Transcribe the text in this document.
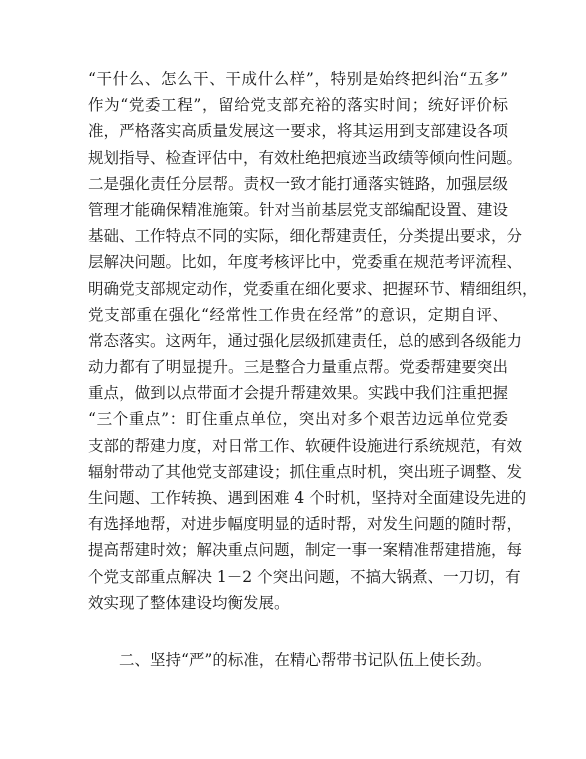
“干什么、怎么干、干成什么样”，特别是始终把纠治“五多”
作为“党委工程”，留给党支部充裕的落实时间；统好评价标
准，严格落实高质量发展这一要求，将其运用到支部建设各项
规划指导、检查评估中，有效杜绝把痕迹当政绩等倾向性问题。
二是强化责任分层帮。责权一致才能打通落实链路，加强层级
管理才能确保精准施策。针对当前基层党支部编配设置、建设
基础、工作特点不同的实际，细化帮建责任，分类提出要求，分
层解决问题。比如，年度考核评比中，党委重在规范考评流程、
明确党支部规定动作，党委重在细化要求、把握环节、精细组织，
党支部重在强化“经常性工作贵在经常”的意识，定期自评、
常态落实。这两年，通过强化层级抓建责任，总的感到各级能力
动力都有了明显提升。三是整合力量重点帮。党委帮建要突出
重点，做到以点带面才会提升帮建效果。实践中我们注重把握
“三个重点”：盯住重点单位，突出对多个艰苦边远单位党委
支部的帮建力度，对日常工作、软硬件设施进行系统规范，有效
辐射带动了其他党支部建设；抓住重点时机，突出班子调整、发
生问题、工作转换、遇到困难 4 个时机，坚持对全面建设先进的
有选择地帮，对进步幅度明显的适时帮，对发生问题的随时帮，
提高帮建时效；解决重点问题，制定一事一案精准帮建措施，每
个党支部重点解决 1－2 个突出问题，不搞大锅煮、一刀切，有
效实现了整体建设均衡发展。
二、坚持“严”的标准，在精心帮带书记队伍上使长劲。
